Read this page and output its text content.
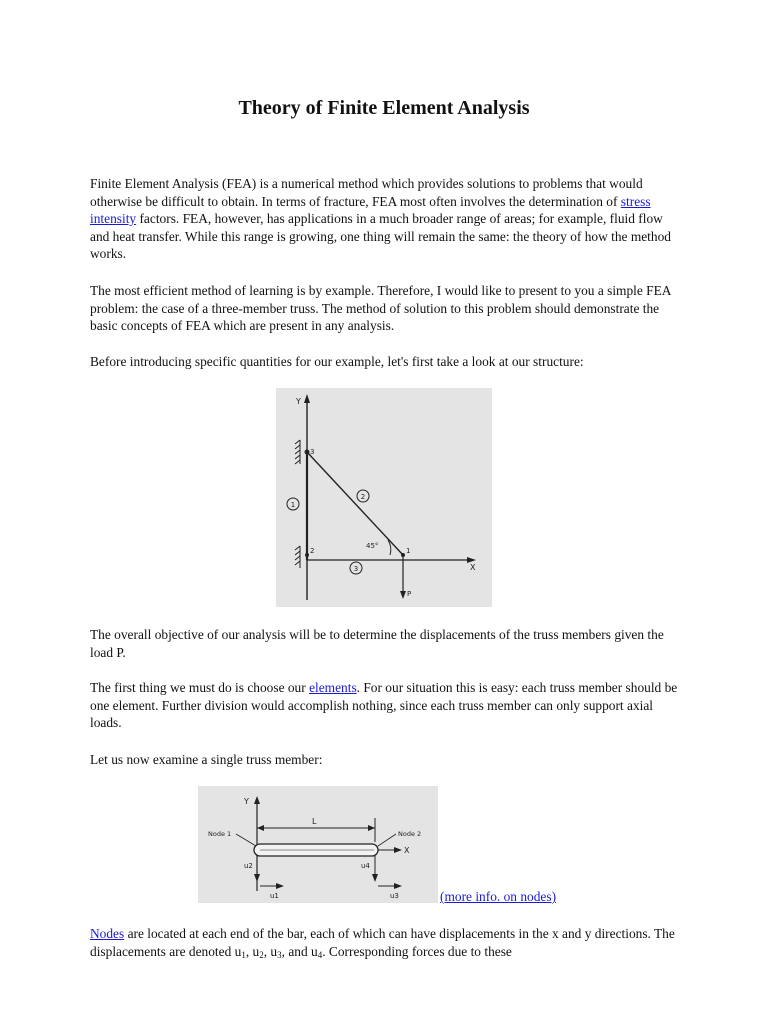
Theory of Finite Element Analysis

Finite Element Analysis (FEA) is a numerical method which provides solutions to problems that would otherwise be difficult to obtain. In terms of fracture, FEA most often involves the determination of stress intensity factors. FEA, however, has applications in a much broader range of areas; for example, fluid flow and heat transfer. While this range is growing, one thing will remain the same: the theory of how the method works.

The most efficient method of learning is by example. Therefore, I would like to present to you a simple FEA problem: the case of a three-member truss. The method of solution to this problem should demonstrate the basic concepts of FEA which are present in any analysis.

Before introducing specific quantities for our example, let's first take a look at our structure:

Y
X
3
2	1
1
2
3
45°
P

The overall objective of our analysis will be to determine the displacements of the truss members given the load P.

The first thing we must do is choose our elements. For our situation this is easy: each truss member should be one element. Further division would accomplish nothing, since each truss member can only support axial loads.

Let us now examine a single truss member:

Y
L
X
Node 1	Node 2
u2
u1
u4
u3	(more info. on nodes)

Nodes are located at each end of the bar, each of which can have displacements in the x and y directions. The displacements are denoted $u_1$, $u_2$, $u_3$, and $u_4$. Corresponding forces due to these
